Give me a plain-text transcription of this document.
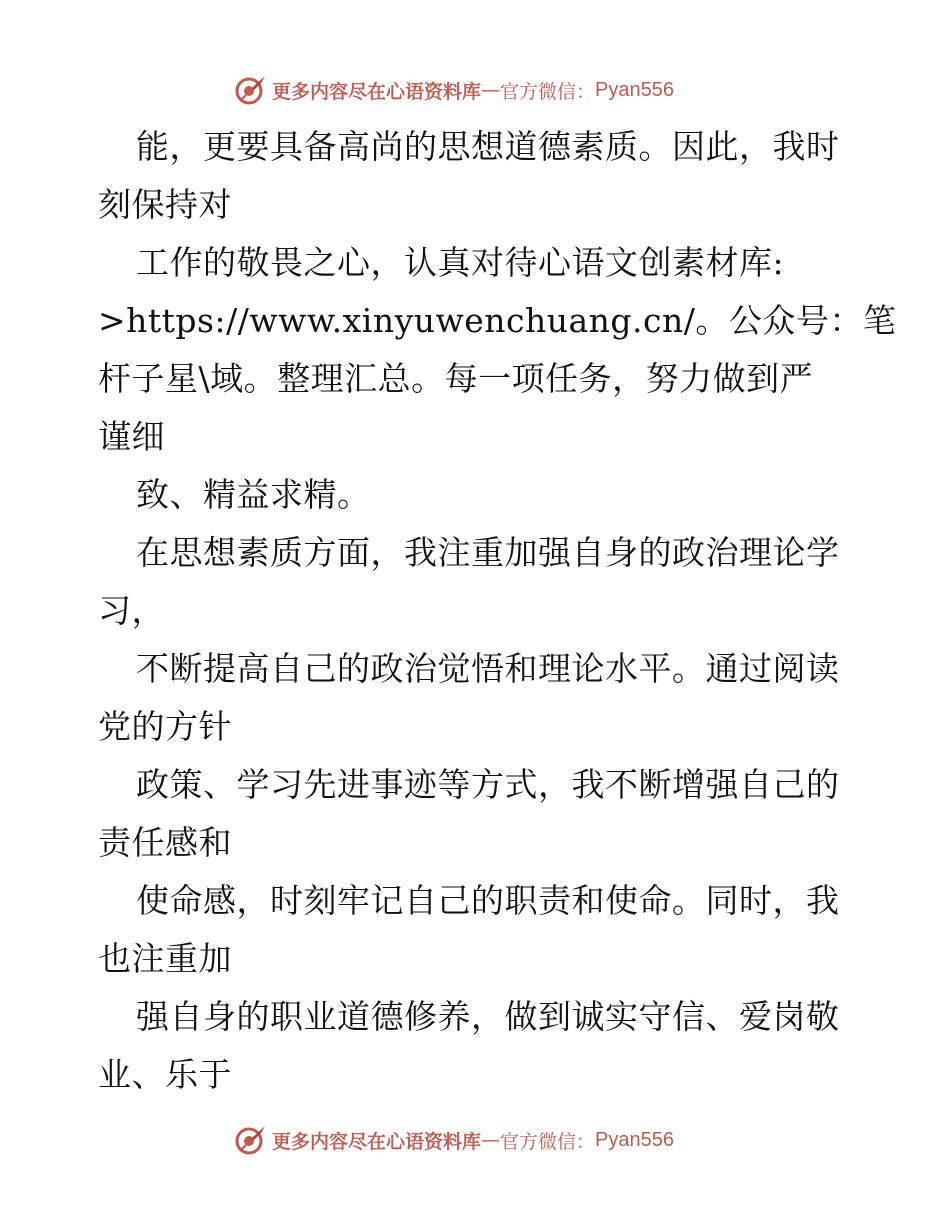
更多内容尽在心语资料库 — 官方微信： Pyan556
能，更要具备高尚的思想道德素质。因此，我时
刻保持对
工作的敬畏之心，认真对待心语文创素材库:
>https://www.xinyuwenchuang.cn/。公众号：笔
杆子星\域。整理汇总。每一项任务，努力做到严
谨细
致、精益求精。
在思想素质方面，我注重加强自身的政治理论学
习，
不断提高自己的政治觉悟和理论水平。通过阅读
党的方针
政策、学习先进事迹等方式，我不断增强自己的
责任感和
使命感，时刻牢记自己的职责和使命。同时，我
也注重加
强自身的职业道德修养，做到诚实守信、爱岗敬
业、乐于
更多内容尽在心语资料库 — 官方微信： Pyan556
